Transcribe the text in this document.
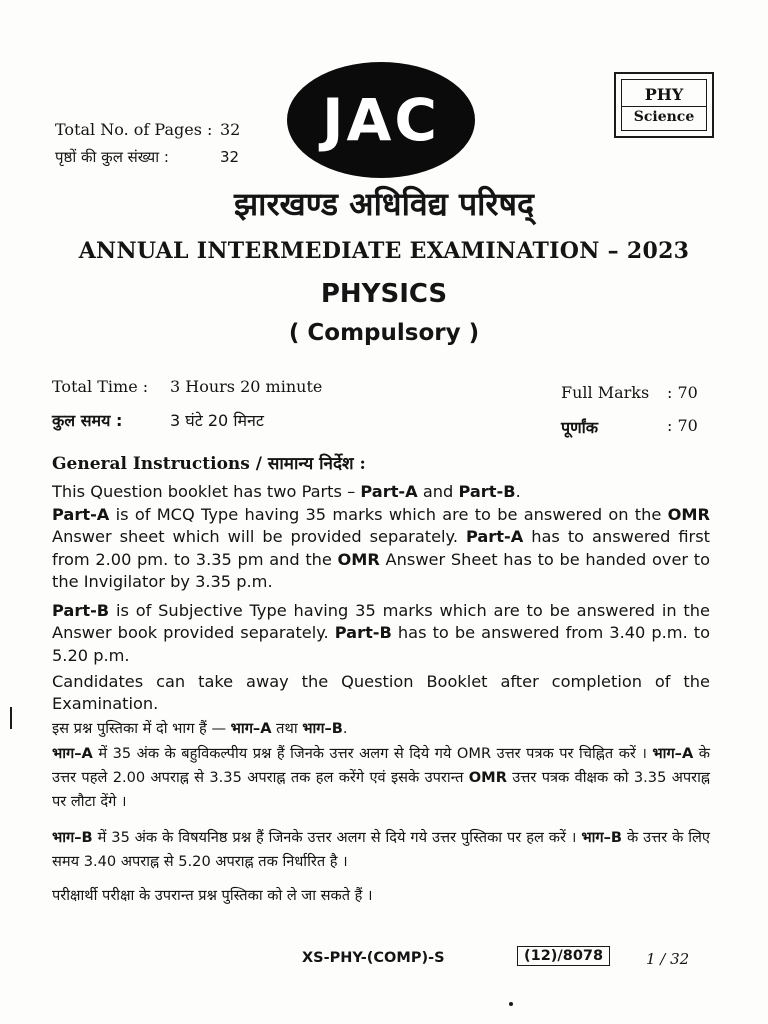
Total No. of Pages : 32
पृष्ठों की कुल संख्या :	32
JAC	PHY
Science
झारखण्ड अधिविद्य परिषद्
ANNUAL INTERMEDIATE EXAMINATION – 2023
PHYSICS
( Compulsory )
Total Time : 3 Hours 20 minute
कुल समय :	3 घंटे 20 मिनट
Full Marks : 70
पूर्णांक	: 70
General Instructions / सामान्य निर्देश :
This Question booklet has two Parts – Part-A and Part-B.
Part-A is of MCQ Type having 35 marks which are to be answered on the OMR Answer sheet which will be provided separately. Part-A has to answered first from 2.00 pm. to 3.35 pm and the OMR Answer Sheet has to be handed over to the Invigilator by 3.35 p.m.
Part-B is of Subjective Type having 35 marks which are to be answered in the Answer book provided separately. Part-B has to be answered from 3.40 p.m. to 5.20 p.m.
Candidates can take away the Question Booklet after completion of the Examination.
इस प्रश्न पुस्तिका में दो भाग हैं — भाग–A तथा भाग–B.
भाग–A में 35 अंक के बहुविकल्पीय प्रश्न हैं जिनके उत्तर अलग से दिये गये OMR उत्तर पत्रक पर चिह्नित करें । भाग–A के उत्तर पहले 2.00 अपराह्न से 3.35 अपराह्न तक हल करेंगे एवं इसके उपरान्त OMR उत्तर पत्रक वीक्षक को 3.35 अपराह्न पर लौटा देंगे ।
भाग–B में 35 अंक के विषयनिष्ठ प्रश्न हैं जिनके उत्तर अलग से दिये गये उत्तर पुस्तिका पर हल करें । भाग–B के उत्तर के लिए समय 3.40 अपराह्न से 5.20 अपराह्न तक निर्धारित है ।
परीक्षार्थी परीक्षा के उपरान्त प्रश्न पुस्तिका को ले जा सकते हैं ।
XS-PHY-(COMP)-S	(12)/8078	1 / 32
